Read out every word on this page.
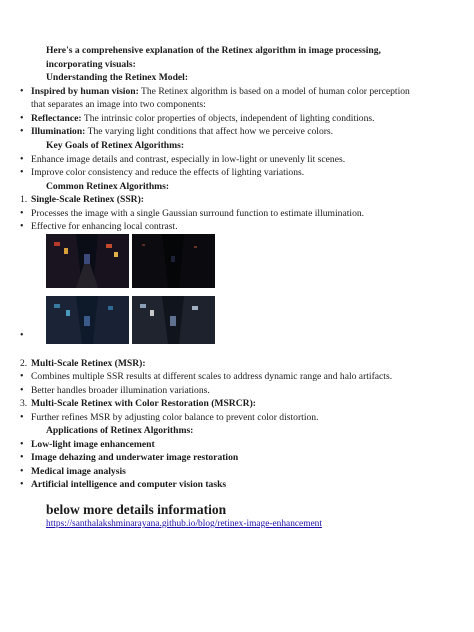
Here's a comprehensive explanation of the Retinex algorithm in image processing,
incorporating visuals:
Understanding the Retinex Model:
• Inspired by human vision: The Retinex algorithm is based on a model of human color perception
that separates an image into two components:
• Reflectance: The intrinsic color properties of objects, independent of lighting conditions.
• Illumination: The varying light conditions that affect how we perceive colors.
Key Goals of Retinex Algorithms:
• Enhance image details and contrast, especially in low-light or unevenly lit scenes.
• Improve color consistency and reduce the effects of lighting variations.
Common Retinex Algorithms:
1. Single-Scale Retinex (SSR):
• Processes the image with a single Gaussian surround function to estimate illumination.
• Effective for enhancing local contrast.
•
2. Multi-Scale Retinex (MSR):
• Combines multiple SSR results at different scales to address dynamic range and halo artifacts.
• Better handles broader illumination variations.
3. Multi-Scale Retinex with Color Restoration (MSRCR):
• Further refines MSR by adjusting color balance to prevent color distortion.
Applications of Retinex Algorithms:
• Low-light image enhancement
• Image dehazing and underwater image restoration
• Medical image analysis
• Artificial intelligence and computer vision tasks
below more details information
https://santhalakshminarayana.github.io/blog/retinex-image-enhancement
